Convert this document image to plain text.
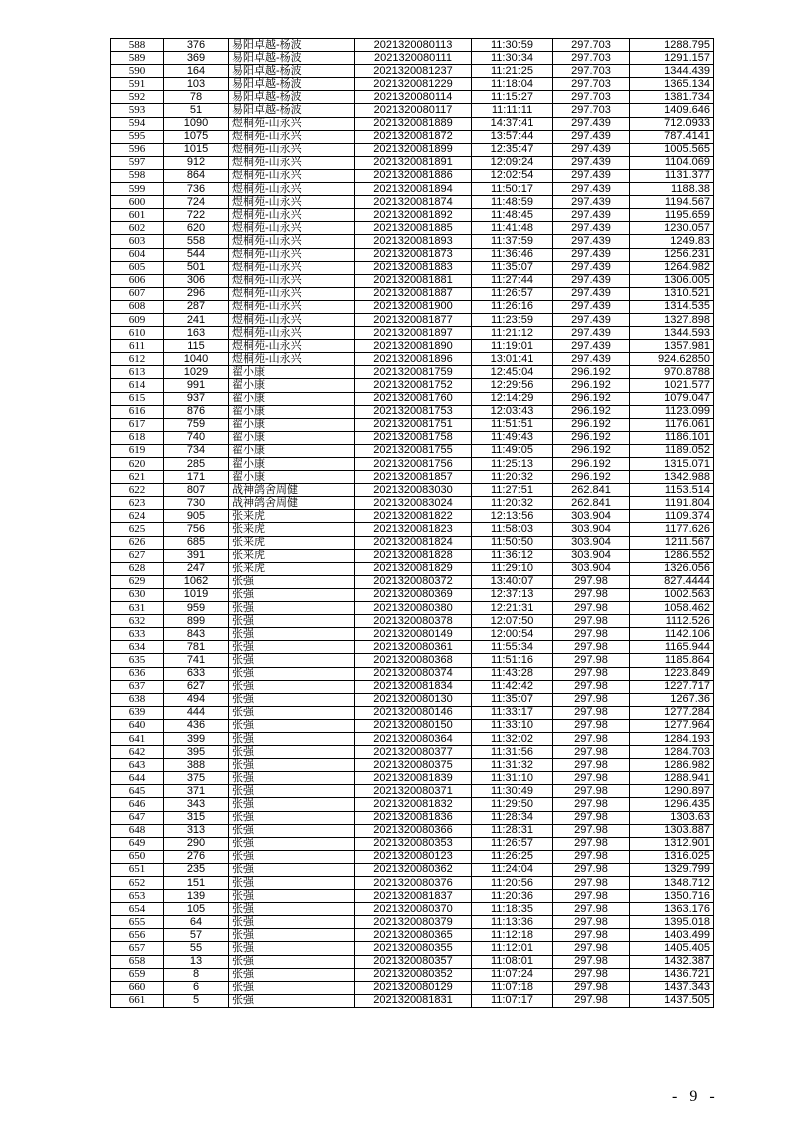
588	376	易阳卓越-杨波	2021320080113	11:30:59	297.703	1288.795
589	369	易阳卓越-杨波	2021320080111	11:30:34	297.703	1291.157
590	164	易阳卓越-杨波	2021320081237	11:21:25	297.703	1344.439
591	103	易阳卓越-杨波	2021320081229	11:18:04	297.703	1365.134
592	78	易阳卓越-杨波	2021320080114	11:15:27	297.703	1381.734
593	51	易阳卓越-杨波	2021320080117	11:11:11	297.703	1409.646
594	1090	煜桐苑-山永兴	2021320081889	14:37:41	297.439	712.0933
595	1075	煜桐苑-山永兴	2021320081872	13:57:44	297.439	787.4141
596	1015	煜桐苑-山永兴	2021320081899	12:35:47	297.439	1005.565
597	912	煜桐苑-山永兴	2021320081891	12:09:24	297.439	1104.069
598	864	煜桐苑-山永兴	2021320081886	12:02:54	297.439	1131.377
599	736	煜桐苑-山永兴	2021320081894	11:50:17	297.439	1188.38
600	724	煜桐苑-山永兴	2021320081874	11:48:59	297.439	1194.567
601	722	煜桐苑-山永兴	2021320081892	11:48:45	297.439	1195.659
602	620	煜桐苑-山永兴	2021320081885	11:41:48	297.439	1230.057
603	558	煜桐苑-山永兴	2021320081893	11:37:59	297.439	1249.83
604	544	煜桐苑-山永兴	2021320081873	11:36:46	297.439	1256.231
605	501	煜桐苑-山永兴	2021320081883	11:35:07	297.439	1264.982
606	306	煜桐苑-山永兴	2021320081881	11:27:44	297.439	1306.005
607	296	煜桐苑-山永兴	2021320081887	11:26:57	297.439	1310.521
608	287	煜桐苑-山永兴	2021320081900	11:26:16	297.439	1314.535
609	241	煜桐苑-山永兴	2021320081877	11:23:59	297.439	1327.898
610	163	煜桐苑-山永兴	2021320081897	11:21:12	297.439	1344.593
611	115	煜桐苑-山永兴	2021320081890	11:19:01	297.439	1357.981
612	1040	煜桐苑-山永兴	2021320081896	13:01:41	297.439	924.62850
613	1029	翟小康	2021320081759	12:45:04	296.192	970.8788
614	991	翟小康	2021320081752	12:29:56	296.192	1021.577
615	937	翟小康	2021320081760	12:14:29	296.192	1079.047
616	876	翟小康	2021320081753	12:03:43	296.192	1123.099
617	759	翟小康	2021320081751	11:51:51	296.192	1176.061
618	740	翟小康	2021320081758	11:49:43	296.192	1186.101
619	734	翟小康	2021320081755	11:49:05	296.192	1189.052
620	285	翟小康	2021320081756	11:25:13	296.192	1315.071
621	171	翟小康	2021320081857	11:20:32	296.192	1342.988
622	807	战神鸽舍周健	2021320083030	11:27:51	262.841	1153.514
623	730	战神鸽舍周健	2021320083024	11:20:32	262.841	1191.804
624	905	张来虎	2021320081822	12:13:56	303.904	1109.374
625	756	张来虎	2021320081823	11:58:03	303.904	1177.626
626	685	张来虎	2021320081824	11:50:50	303.904	1211.567
627	391	张来虎	2021320081828	11:36:12	303.904	1286.552
628	247	张来虎	2021320081829	11:29:10	303.904	1326.056
629	1062	张强	2021320080372	13:40:07	297.98	827.4444
630	1019	张强	2021320080369	12:37:13	297.98	1002.563
631	959	张强	2021320080380	12:21:31	297.98	1058.462
632	899	张强	2021320080378	12:07:50	297.98	1112.526
633	843	张强	2021320080149	12:00:54	297.98	1142.106
634	781	张强	2021320080361	11:55:34	297.98	1165.944
635	741	张强	2021320080368	11:51:16	297.98	1185.864
636	633	张强	2021320080374	11:43:28	297.98	1223.849
637	627	张强	2021320081834	11:42:42	297.98	1227.717
638	494	张强	2021320080130	11:35:07	297.98	1267.36
639	444	张强	2021320080146	11:33:17	297.98	1277.284
640	436	张强	2021320080150	11:33:10	297.98	1277.964
641	399	张强	2021320080364	11:32:02	297.98	1284.193
642	395	张强	2021320080377	11:31:56	297.98	1284.703
643	388	张强	2021320080375	11:31:32	297.98	1286.982
644	375	张强	2021320081839	11:31:10	297.98	1288.941
645	371	张强	2021320080371	11:30:49	297.98	1290.897
646	343	张强	2021320081832	11:29:50	297.98	1296.435
647	315	张强	2021320081836	11:28:34	297.98	1303.63
648	313	张强	2021320080366	11:28:31	297.98	1303.887
649	290	张强	2021320080353	11:26:57	297.98	1312.901
650	276	张强	2021320080123	11:26:25	297.98	1316.025
651	235	张强	2021320080362	11:24:04	297.98	1329.799
652	151	张强	2021320080376	11:20:56	297.98	1348.712
653	139	张强	2021320081837	11:20:36	297.98	1350.716
654	105	张强	2021320080370	11:18:35	297.98	1363.176
655	64	张强	2021320080379	11:13:36	297.98	1395.018
656	57	张强	2021320080365	11:12:18	297.98	1403.499
657	55	张强	2021320080355	11:12:01	297.98	1405.405
658	13	张强	2021320080357	11:08:01	297.98	1432.387
659	8	张强	2021320080352	11:07:24	297.98	1436.721
660	6	张强	2021320080129	11:07:18	297.98	1437.343
661	5	张强	2021320081831	11:07:17	297.98	1437.505
- 9 -
